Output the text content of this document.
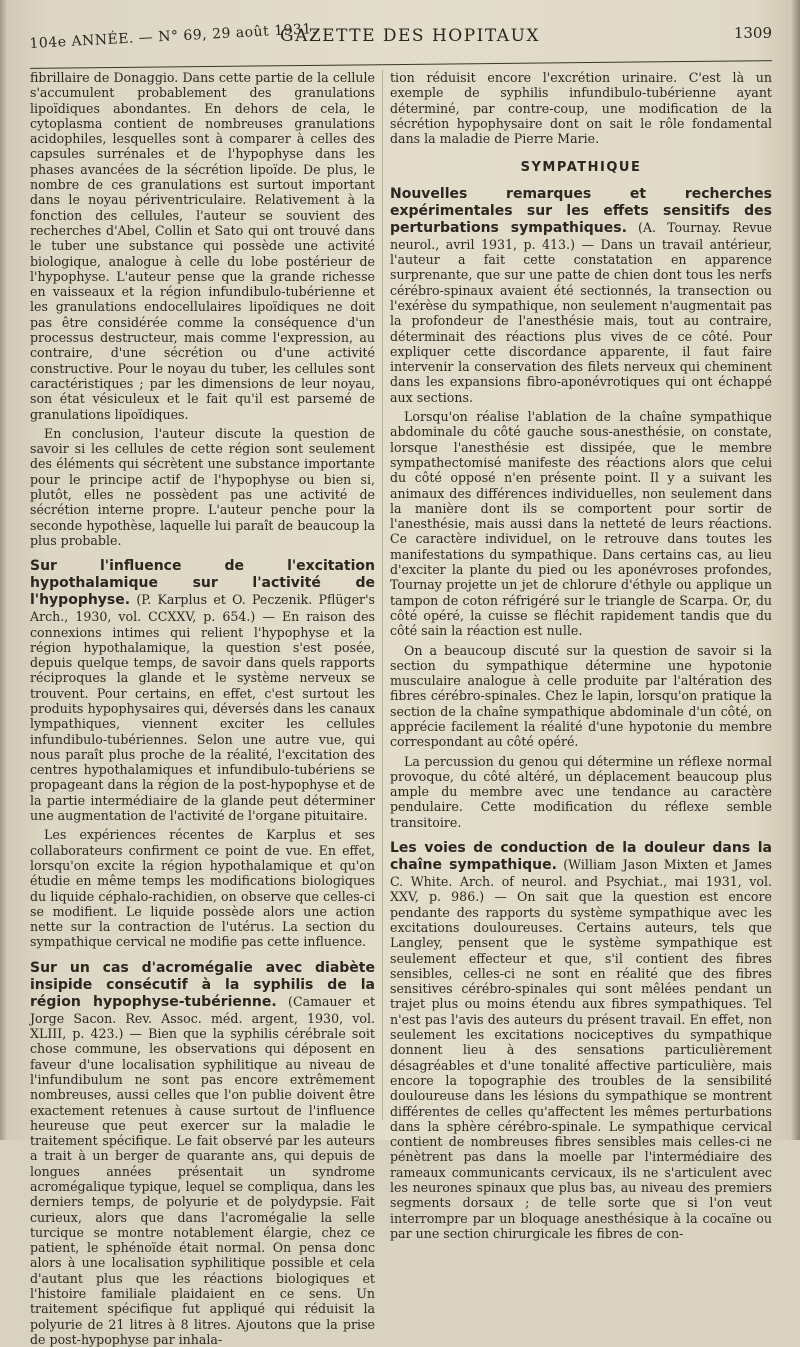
104e ANNÉE. — N° 69, 29 août 1931.
GAZETTE DES HOPITAUX	1309

fibrillaire de Donaggio. Dans cette partie de la cellule s'accumulent probablement des granulations lipoïdiques abondantes. En dehors de cela, le cytoplasma contient de nombreuses granulations acidophiles, lesquelles sont à comparer à celles des capsules surrénales et de l'hypophyse dans les phases avancées de la sécrétion lipoïde. De plus, le nombre de ces granulations est surtout important dans le noyau périventriculaire. Relativement à la fonction des cellules, l'auteur se souvient des recherches d'Abel, Collin et Sato qui ont trouvé dans le tuber une substance qui possède une activité biologique, analogue à celle du lobe postérieur de l'hypophyse. L'auteur pense que la grande richesse en vaisseaux et la région infundibulo-tubérienne et les granulations endocellulaires lipoïdiques ne doit pas être considérée comme la conséquence d'un processus destructeur, mais comme l'expression, au contraire, d'une sécrétion ou d'une activité constructive. Pour le noyau du tuber, les cellules sont caractéristiques ; par les dimensions de leur noyau, son état vésiculeux et le fait qu'il est parsemé de granulations lipoïdiques.

En conclusion, l'auteur discute la question de savoir si les cellules de cette région sont seulement des éléments qui sécrètent une substance importante pour le principe actif de l'hypophyse ou bien si, plutôt, elles ne possèdent pas une activité de sécrétion interne propre. L'auteur penche pour la seconde hypothèse, laquelle lui paraît de beaucoup la plus probable.

Sur l'influence de l'excitation hypothalamique sur l'activité de l'hypophyse. (P. Karplus et O. Peczenik. Pflüger's Arch., 1930, vol. CCXXV, p. 654.) — En raison des connexions intimes qui relient l'hypophyse et la région hypothalamique, la question s'est posée, depuis quelque temps, de savoir dans quels rapports réciproques la glande et le système nerveux se trouvent. Pour certains, en effet, c'est surtout les produits hypophysaires qui, déversés dans les canaux lympathiques, viennent exciter les cellules infundibulo-tubériennes. Selon une autre vue, qui nous paraît plus proche de la réalité, l'excitation des centres hypothalamiques et infundibulo-tubériens se propageant dans la région de la post-hypophyse et de la partie intermédiaire de la glande peut déterminer une augmentation de l'activité de l'organe pituitaire.

Les expériences récentes de Karplus et ses collaborateurs confirment ce point de vue. En effet, lorsqu'on excite la région hypothalamique et qu'on étudie en même temps les modifications biologiques du liquide céphalo-rachidien, on observe que celles-ci se modifient. Le liquide possède alors une action nette sur la contraction de l'utérus. La section du sympathique cervical ne modifie pas cette influence.

Sur un cas d'acromégalie avec diabète insipide consécutif à la syphilis de la région hypophyse-tubérienne. (Camauer et Jorge Sacon. Rev. Assoc. méd. argent, 1930, vol. XLIII, p. 423.) — Bien que la syphilis cérébrale soit chose commune, les observations qui déposent en faveur d'une localisation syphilitique au niveau de l'infundibulum ne sont pas encore extrêmement nombreuses, aussi celles que l'on publie doivent être exactement retenues à cause surtout de l'influence heureuse que peut exercer sur la maladie le traitement spécifique. Le fait observé par les auteurs a trait à un berger de quarante ans, qui depuis de longues années présentait un syndrome acromégalique typique, lequel se compliqua, dans les derniers temps, de polyurie et de polydypsie. Fait curieux, alors que dans l'acromégalie la selle turcique se montre notablement élargie, chez ce patient, le sphénoïde était normal. On pensa donc alors à une localisation syphilitique possible et cela d'autant plus que les réactions biologiques et l'histoire familiale plaidaient en ce sens. Un traitement spécifique fut appliqué qui réduisit la polyurie de 21 litres à 8 litres. Ajoutons que la prise de post-hypophyse par inhala-

tion réduisit encore l'excrétion urinaire. C'est là un exemple de syphilis infundibulo-tubérienne ayant déterminé, par contre-coup, une modification de la sécrétion hypophysaire dont on sait le rôle fondamental dans la maladie de Pierre Marie.

SYMPATHIQUE

Nouvelles remarques et recherches expérimentales sur les effets sensitifs des perturbations sympathiques. (A. Tournay. Revue neurol., avril 1931, p. 413.) — Dans un travail antérieur, l'auteur a fait cette constatation en apparence surprenante, que sur une patte de chien dont tous les nerfs cérébro-spinaux avaient été sectionnés, la transection ou l'exérèse du sympathique, non seulement n'augmentait pas la profondeur de l'anesthésie mais, tout au contraire, déterminait des réactions plus vives de ce côté. Pour expliquer cette discordance apparente, il faut faire intervenir la conservation des filets nerveux qui cheminent dans les expansions fibro-aponévrotiques qui ont échappé aux sections.

Lorsqu'on réalise l'ablation de la chaîne sympathique abdominale du côté gauche sous-anesthésie, on constate, lorsque l'anesthésie est dissipée, que le membre sympathectomisé manifeste des réactions alors que celui du côté opposé n'en présente point. Il y a suivant les animaux des différences individuelles, non seulement dans la manière dont ils se comportent pour sortir de l'anesthésie, mais aussi dans la netteté de leurs réactions. Ce caractère individuel, on le retrouve dans toutes les manifestations du sympathique. Dans certains cas, au lieu d'exciter la plante du pied ou les aponévroses profondes, Tournay projette un jet de chlorure d'éthyle ou applique un tampon de coton réfrigéré sur le triangle de Scarpa. Or, du côté opéré, la cuisse se fléchit rapidement tandis que du côté sain la réaction est nulle.

On a beaucoup discuté sur la question de savoir si la section du sympathique détermine une hypotonie musculaire analogue à celle produite par l'altération des fibres cérébro-spinales. Chez le lapin, lorsqu'on pratique la section de la chaîne sympathique abdominale d'un côté, on apprécie facilement la réalité d'une hypotonie du membre correspondant au côté opéré.

La percussion du genou qui détermine un réflexe normal provoque, du côté altéré, un déplacement beaucoup plus ample du membre avec une tendance au caractère pendulaire. Cette modification du réflexe semble transitoire.

Les voies de conduction de la douleur dans la chaîne sympathique. (William Jason Mixten et James C. White. Arch. of neurol. and Psychiat., mai 1931, vol. XXV, p. 986.) — On sait que la question est encore pendante des rapports du système sympathique avec les excitations douloureuses. Certains auteurs, tels que Langley, pensent que le système sympathique est seulement effecteur et que, s'il contient des fibres sensibles, celles-ci ne sont en réalité que des fibres sensitives cérébro-spinales qui sont mêlées pendant un trajet plus ou moins étendu aux fibres sympathiques. Tel n'est pas l'avis des auteurs du présent travail. En effet, non seulement les excitations nociceptives du sympathique donnent lieu à des sensations particulièrement désagréables et d'une tonalité affective particulière, mais encore la topographie des troubles de la sensibilité douloureuse dans les lésions du sympathique se montrent différentes de celles qu'affectent les mêmes perturbations dans la sphère cérébro-spinale. Le sympathique cervical contient de nombreuses fibres sensibles mais celles-ci ne pénètrent pas dans la moelle par l'intermédiaire des rameaux communicants cervicaux, ils ne s'articulent avec les neurones spinaux que plus bas, au niveau des premiers segments dorsaux ; de telle sorte que si l'on veut interrompre par un bloquage anesthésique à la cocaïne ou par une section chirurgicale les fibres de con-
